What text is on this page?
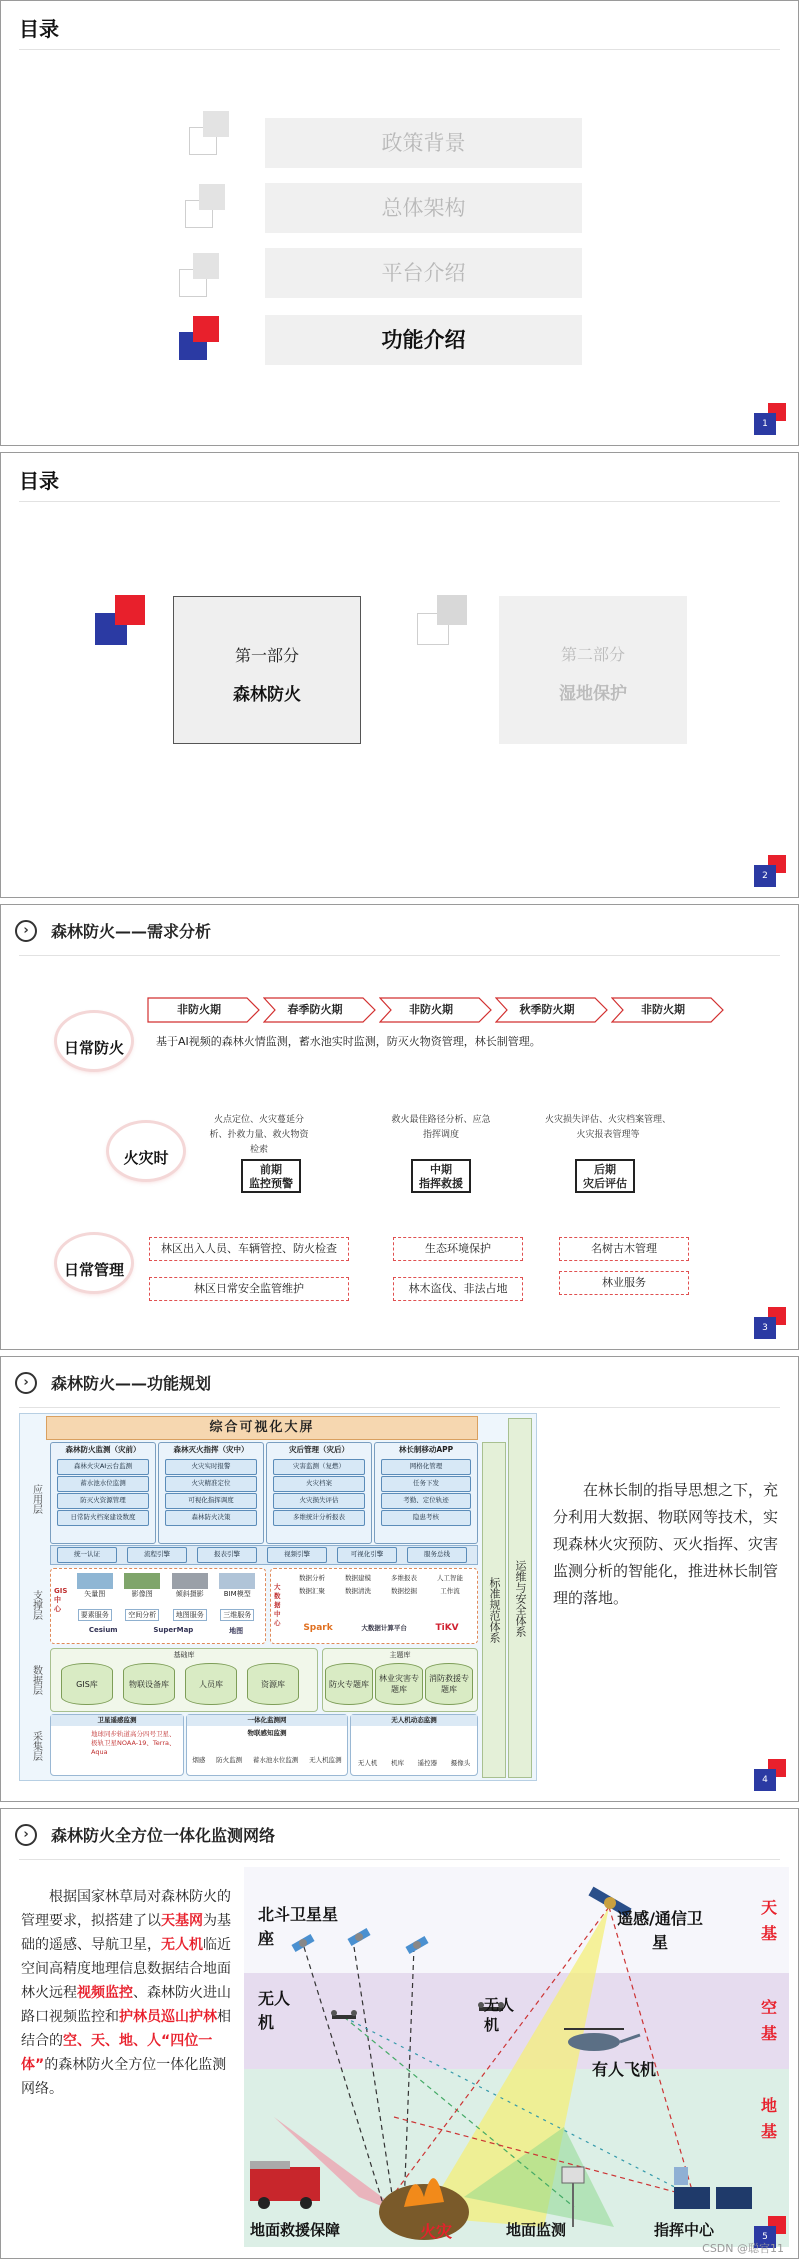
目录
政策背景
总体架构
平台介绍
功能介绍
1
目录
第一部分
森林防火
第二部分
湿地保护
2
›	森林防火——需求分析
非防火期	春季防火期	非防火期	秋季防火期	非防火期
日常防火	基于AI视频的森林火情监测，蓄水池实时监测，防灭火物资管理，林长制管理。
火灾时
火点定位、火灾蔓延分析、扑救力量、救火物资检索
救火最佳路径分析、应急指挥调度
火灾损失评估、火灾档案管理、火灾报表管理等
前期
监控预警
中期
指挥救援
后期
灾后评估
日常管理
林区出入人员、车辆管控、防火检查
林区日常安全监管维护
生态环境保护
林木盗伐、非法占地
名树古木管理
林业服务
3
›	森林防火——功能规划
应用层
支撑层
数据层
采集层
综合可视化大屏
森林防火监测（灾前）
森林火灾AI云台监测
蓄水池水位监测
防灭火资源管理
日常防火档案建设数度
森林灭火指挥（灾中）
火灾实时报警
火灾精准定位
可视化指挥调度
森林防火决策
灾后管理（灾后）
灾害监测（复燃）
火灾档案
火灾损失评估
多维统计分析报表
林长制移动APP
网格化管理
任务下发
考勤、定位轨迹
隐患考核
统一认证	流程引擎	报表引擎	视频引擎	可视化引擎	服务总线
GIS中心
矢量图	影像图	倾斜摄影	BIM模型
要素服务	空间分析	地图服务	三维服务
Cesium	SuperMap	地图
大数据中心
数据分析	数据建模	多维报表	人工智能
数据汇聚	数据清洗	数据挖掘	工作流
Spark	大数据计算平台	TiKV
基础库
GIS库	物联设备库	人员库	资源库
主题库
防火专题库
林业灾害专题库
消防救援专题库
卫星遥感监测
地球同步轨道高分四号卫星、极轨卫星NOAA-19、Terra、Aqua
一体化监测网
物联感知监测
烟感 防火监测 蓄水池水位监测 无人机监测
无人机动态监测
无人机 机库 遥控器 摄像头
标准规范体系	运维与安全体系
在林长制的指导思想之下，充分利用大数据、物联网等技术，实现森林火灾预防、灭火指挥、灾害监测分析的智能化，推进林长制管理的落地。
4
›	森林防火全方位一体化监测网络
根据国家林草局对森林防火的管理要求，拟搭建了以天基网为基础的遥感、导航卫星，无人机临近空间高精度地理信息数据结合地面林火远程视频监控、森林防火进山路口视频监控和护林员巡山护林相结合的空、天、地、人“四位一体”的森林防火全方位一体化监测网络。
北斗卫星星座
遥感/通信卫星
无人机
无人机
有人飞机
地面救援保障	火灾	地面监测	指挥中心
天基
空基
地基
5
CSDN @聪官11
